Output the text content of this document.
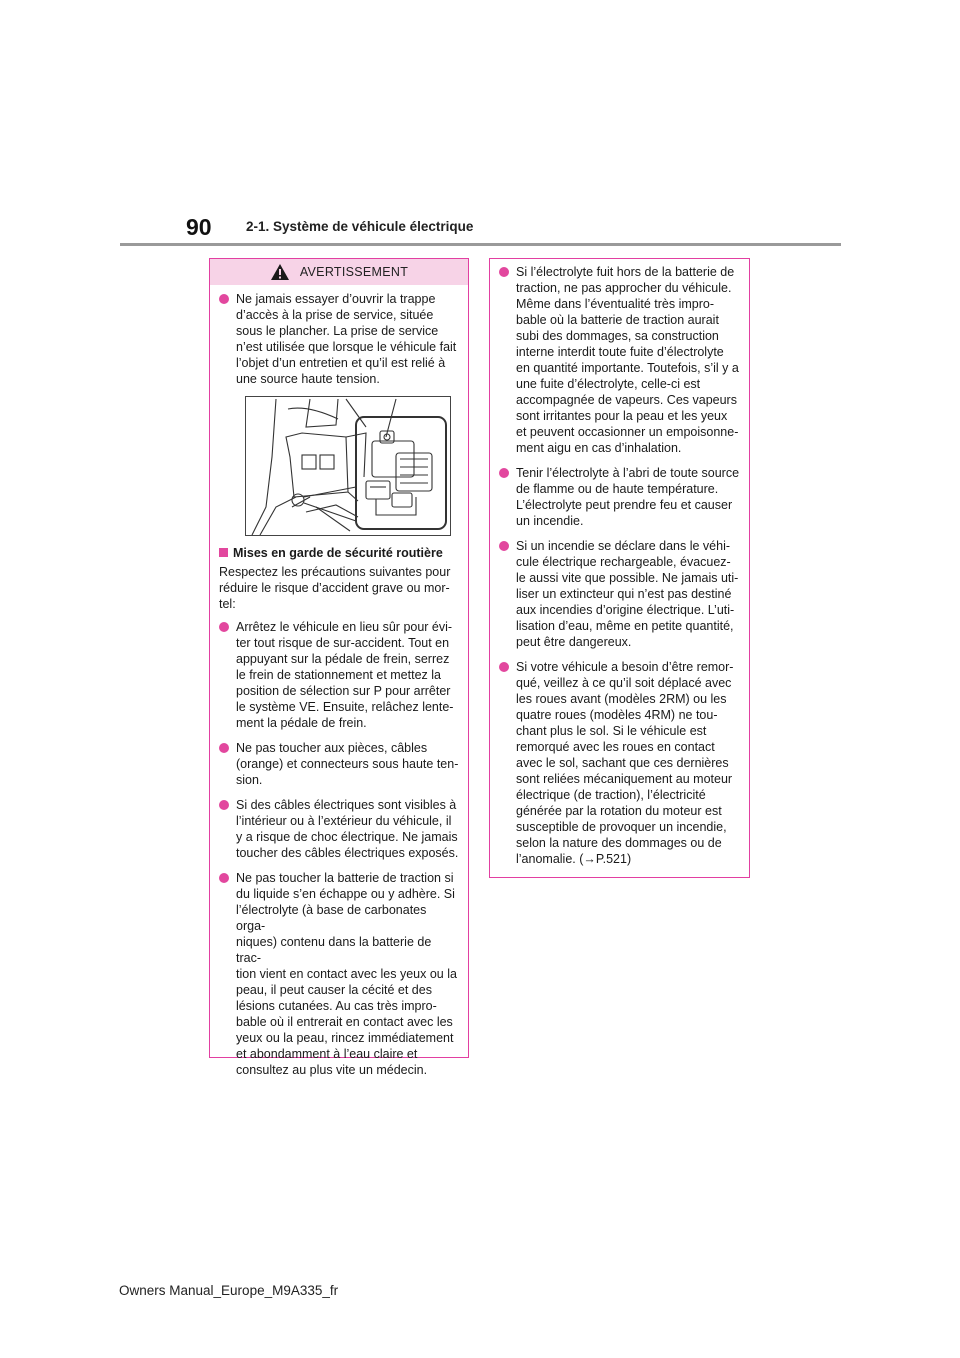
90	2-1. Système de véhicule électrique
AVERTISSEMENT
Ne jamais essayer d’ouvrir la trappe
d’accès à la prise de service, située
sous le plancher. La prise de service
n’est utilisée que lorsque le véhicule fait
l’objet d’un entretien et qu’il est relié à
une source haute tension.
Mises en garde de sécurité routière
Respectez les précautions suivantes pour
réduire le risque d’accident grave ou mor-
tel:
Arrêtez le véhicule en lieu sûr pour évi-
ter tout risque de sur-accident. Tout en
appuyant sur la pédale de frein, serrez
le frein de stationnement et mettez la
position de sélection sur P pour arrêter
le système VE. Ensuite, relâchez lente-
ment la pédale de frein.
Ne pas toucher aux pièces, câbles
(orange) et connecteurs sous haute ten-
sion.
Si des câbles électriques sont visibles à
l’intérieur ou à l’extérieur du véhicule, il
y a risque de choc électrique. Ne jamais
toucher des câbles électriques exposés.
Ne pas toucher la batterie de traction si
du liquide s’en échappe ou y adhère. Si
l’électrolyte (à base de carbonates orga-
niques) contenu dans la batterie de trac-
tion vient en contact avec les yeux ou la
peau, il peut causer la cécité et des
lésions cutanées. Au cas très impro-
bable où il entrerait en contact avec les
yeux ou la peau, rincez immédiatement
et abondamment à l’eau claire et
consultez au plus vite un médecin.
Si l’électrolyte fuit hors de la batterie de
traction, ne pas approcher du véhicule.
Même dans l’éventualité très impro-
bable où la batterie de traction aurait
subi des dommages, sa construction
interne interdit toute fuite d’électrolyte
en quantité importante. Toutefois, s’il y a
une fuite d’électrolyte, celle-ci est
accompagnée de vapeurs. Ces vapeurs
sont irritantes pour la peau et les yeux
et peuvent occasionner un empoisonne-
ment aigu en cas d’inhalation.
Tenir l’électrolyte à l’abri de toute source
de flamme ou de haute température.
L’électrolyte peut prendre feu et causer
un incendie.
Si un incendie se déclare dans le véhi-
cule électrique rechargeable, évacuez-
le aussi vite que possible. Ne jamais uti-
liser un extincteur qui n’est pas destiné
aux incendies d’origine électrique. L’uti-
lisation d’eau, même en petite quantité,
peut être dangereux.
Si votre véhicule a besoin d’être remor-
qué, veillez à ce qu’il soit déplacé avec
les roues avant (modèles 2RM) ou les
quatre roues (modèles 4RM) ne tou-
chant plus le sol. Si le véhicule est
remorqué avec les roues en contact
avec le sol, sachant que ces dernières
sont reliées mécaniquement au moteur
électrique (de traction), l’électricité
générée par la rotation du moteur est
susceptible de provoquer un incendie,
selon la nature des dommages ou de
l’anomalie. (→P.521)
Owners Manual_Europe_M9A335_fr
